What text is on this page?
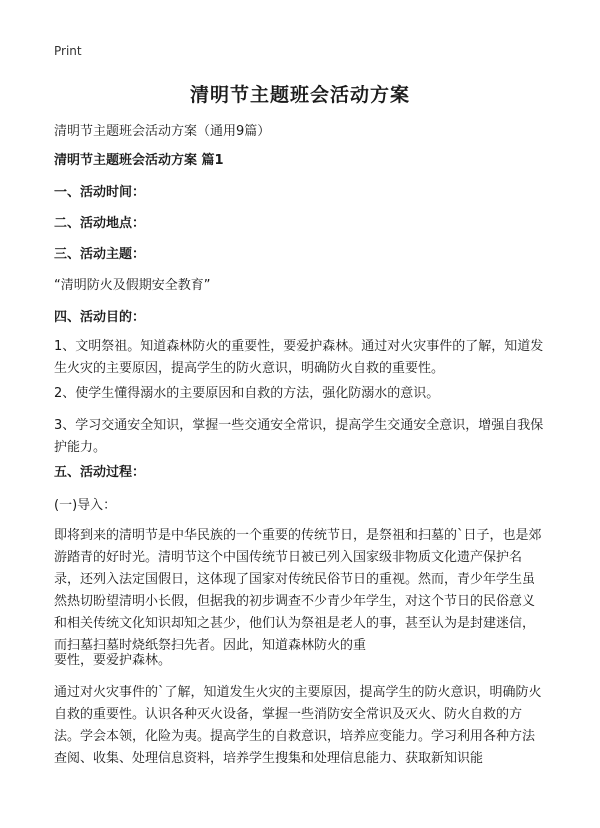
Print
清明节主题班会活动方案

清明节主题班会活动方案（通用9篇）

清明节主题班会活动方案 篇1

一、活动时间：

二、活动地点：

三、活动主题：

“清明防火及假期安全教育”

四、活动目的：

1、文明祭祖。知道森林防火的重要性，要爱护森林。通过对火灾事件的了解，知道发生火灾的主要原因，提高学生的防火意识，明确防火自救的重要性。

2、使学生懂得溺水的主要原因和自救的方法，强化防溺水的意识。

3、学习交通安全知识，掌握一些交通安全常识，提高学生交通安全意识，增强自我保护能力。

五、活动过程：

(一)导入：

即将到来的清明节是中华民族的一个重要的传统节日，是祭祖和扫墓的`日子，也是郊游踏青的好时光。清明节这个中国传统节日被已列入国家级非物质文化遗产保护名录，还列入法定国假日，这体现了国家对传统民俗节日的重视。然而，青少年学生虽然热切盼望清明小长假，但据我的初步调查不少青少年学生，对这个节日的民俗意义和相关传统文化知识却知之甚少，他们认为祭祖是老人的事，甚至认为是封建迷信，而扫墓扫墓时烧纸祭扫先者。因此，知道森林防火的重

要性，要爱护森林。

通过对火灾事件的`了解，知道发生火灾的主要原因，提高学生的防火意识，明确防火自救的重要性。认识各种灭火设备，掌握一些消防安全常识及灭火、防火自救的方法。学会本领，化险为夷。提高学生的自救意识，培养应变能力。学习利用各种方法查阅、收集、处理信息资料，培养学生搜集和处理信息能力、获取新知识能
